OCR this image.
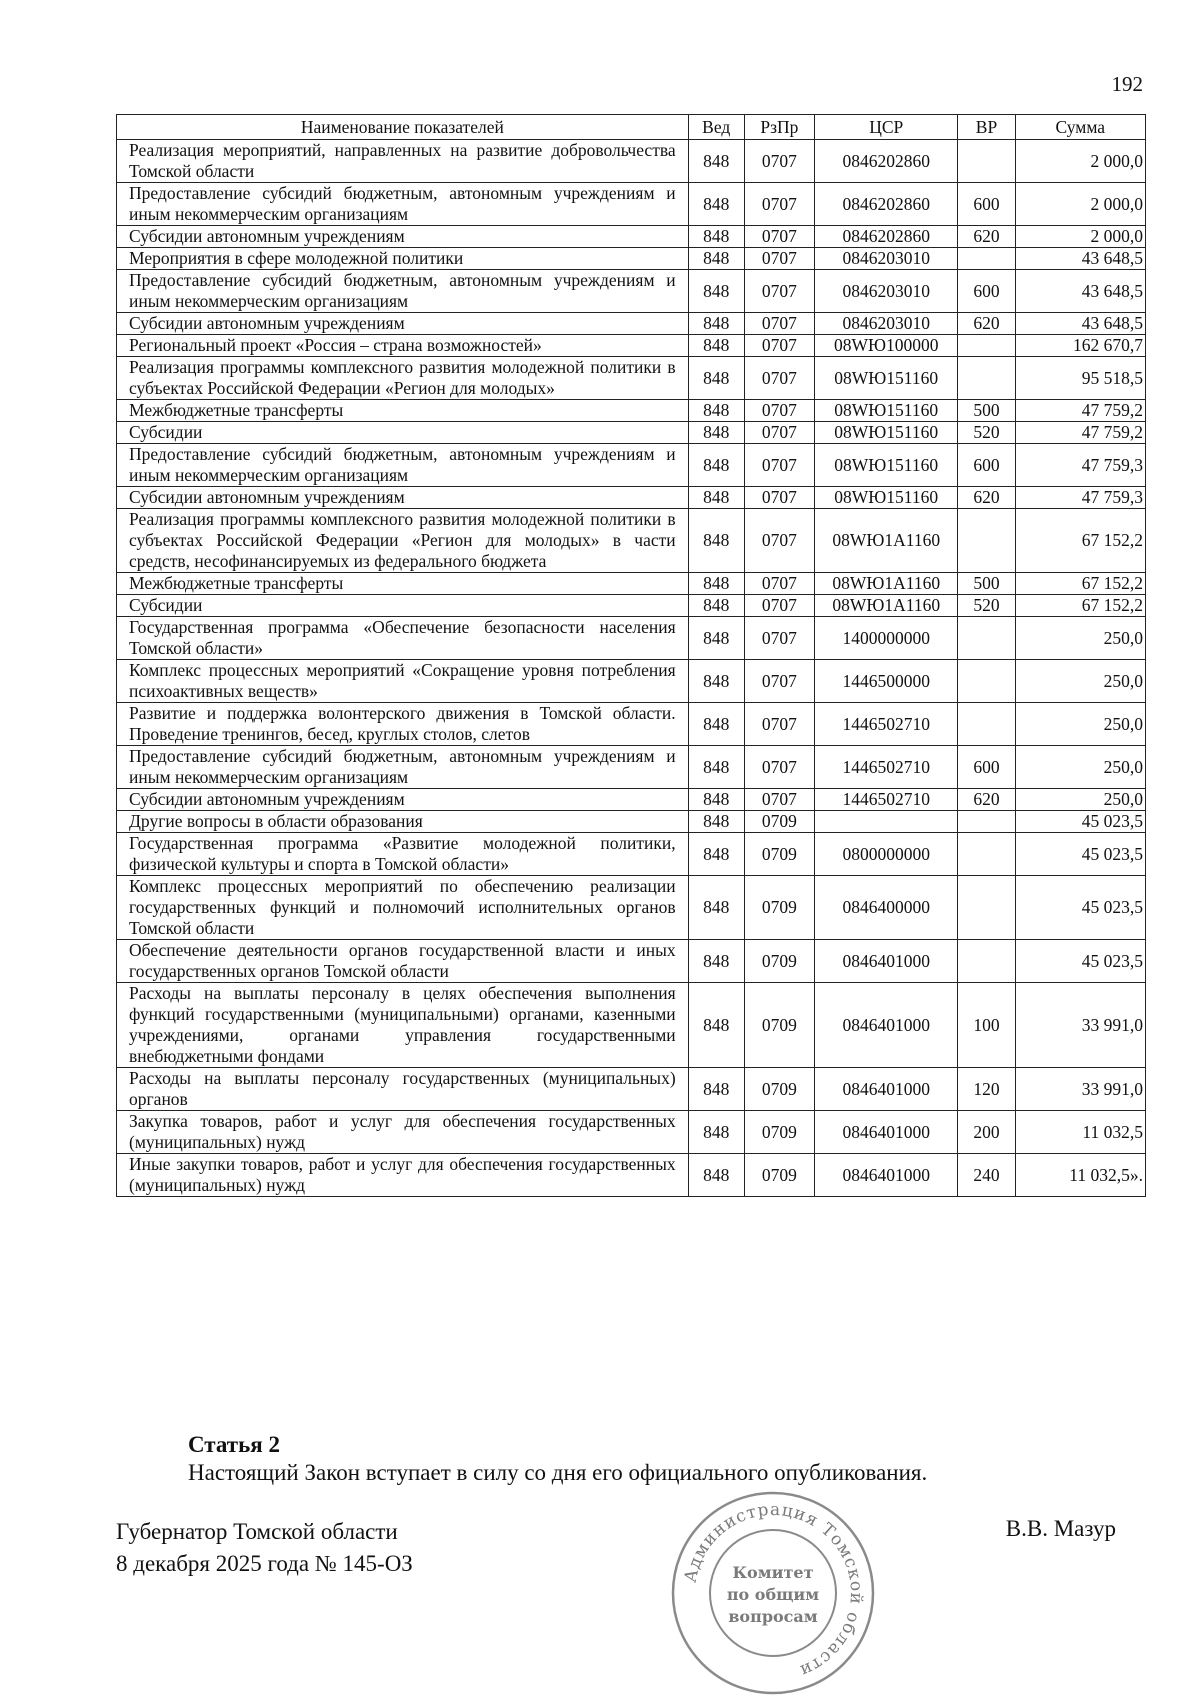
192
Наименование показателей	Вед	РзПр	ЦСР	ВР	Сумма
Реализация мероприятий, направленных на развитие добровольчества Томской области	848	0707	0846202860		2 000,0
Предоставление субсидий бюджетным, автономным учреждениям и иным некоммерческим организациям	848	0707	0846202860	600	2 000,0
Субсидии автономным учреждениям	848	0707	0846202860	620	2 000,0
Мероприятия в сфере молодежной политики	848	0707	0846203010		43 648,5
Предоставление субсидий бюджетным, автономным учреждениям и иным некоммерческим организациям	848	0707	0846203010	600	43 648,5
Субсидии автономным учреждениям	848	0707	0846203010	620	43 648,5
Региональный проект «Россия – страна возможностей»	848	0707	08WЮ100000		162 670,7
Реализация программы комплексного развития молодежной политики в субъектах Российской Федерации «Регион для молодых»	848	0707	08WЮ151160		95 518,5
Межбюджетные трансферты	848	0707	08WЮ151160	500	47 759,2
Субсидии	848	0707	08WЮ151160	520	47 759,2
Предоставление субсидий бюджетным, автономным учреждениям и иным некоммерческим организациям	848	0707	08WЮ151160	600	47 759,3
Субсидии автономным учреждениям	848	0707	08WЮ151160	620	47 759,3
Реализация программы комплексного развития молодежной политики в субъектах Российской Федерации «Регион для молодых» в части средств, несофинансируемых из федерального бюджета	848	0707	08WЮ1A1160		67 152,2
Межбюджетные трансферты	848	0707	08WЮ1A1160	500	67 152,2
Субсидии	848	0707	08WЮ1A1160	520	67 152,2
Государственная программа «Обеспечение безопасности населения Томской области»	848	0707	1400000000		250,0
Комплекс процессных мероприятий «Сокращение уровня потребления психоактивных веществ»	848	0707	1446500000		250,0
Развитие и поддержка волонтерского движения в Томской области. Проведение тренингов, бесед, круглых столов, слетов	848	0707	1446502710		250,0
Предоставление субсидий бюджетным, автономным учреждениям и иным некоммерческим организациям	848	0707	1446502710	600	250,0
Субсидии автономным учреждениям	848	0707	1446502710	620	250,0
Другие вопросы в области образования	848	0709			45 023,5
Государственная программа «Развитие молодежной политики, физической культуры и спорта в Томской области»	848	0709	0800000000		45 023,5
Комплекс процессных мероприятий по обеспечению реализации государственных функций и полномочий исполнительных органов Томской области	848	0709	0846400000		45 023,5
Обеспечение деятельности органов государственной власти и иных государственных органов Томской области	848	0709	0846401000		45 023,5
Расходы на выплаты персоналу в целях обеспечения выполнения функций государственными (муниципальными) органами, казенными учреждениями, органами управления государственными внебюджетными фондами	848	0709	0846401000	100	33 991,0
Расходы на выплаты персоналу государственных (муниципальных) органов	848	0709	0846401000	120	33 991,0
Закупка товаров, работ и услуг для обеспечения государственных (муниципальных) нужд	848	0709	0846401000	200	11 032,5
Иные закупки товаров, работ и услуг для обеспечения государственных (муниципальных) нужд	848	0709	0846401000	240	11 032,5».
Статья 2
Настоящий Закон вступает в силу со дня его официального опубликования.
Губернатор Томской области
8 декабря 2025 года № 145-ОЗ
В.В. Мазур
Администрация Томской области
Комитет
по общим
вопросам
